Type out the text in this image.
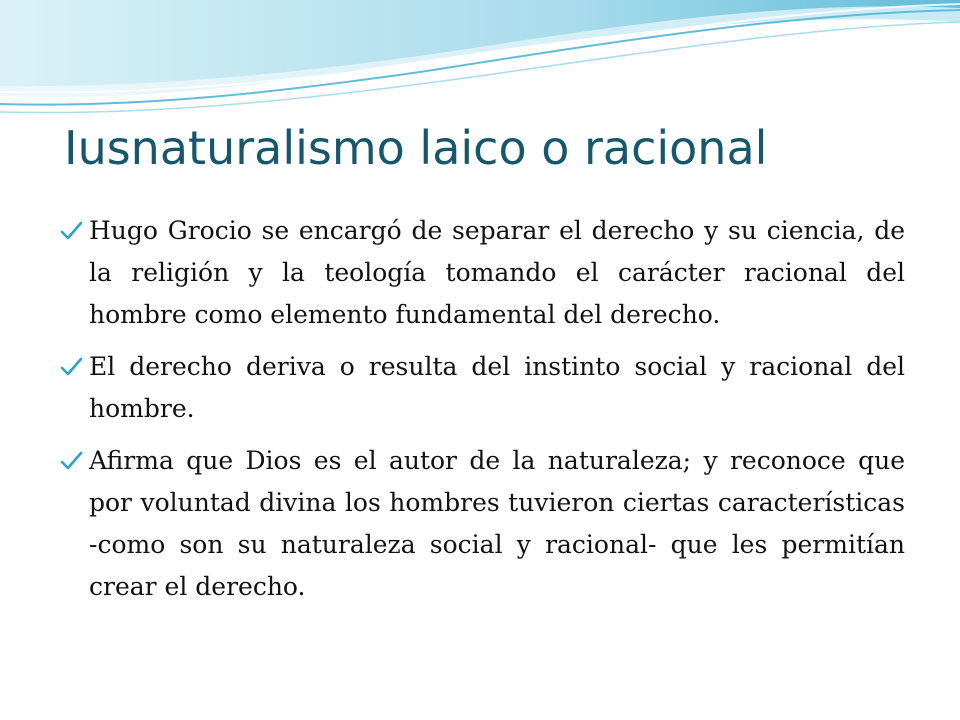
Iusnaturalismo laico o racional
Hugo Grocio se encargó de separar el derecho y su ciencia, de la religión y la teología tomando el carácter racional del hombre como elemento fundamental del derecho.
El derecho deriva o resulta del instinto social y racional del hombre.
Afirma que Dios es el autor de la naturaleza; y reconoce que por voluntad divina los hombres tuvieron ciertas características -como son su naturaleza social y racional- que les permitían crear el derecho.
